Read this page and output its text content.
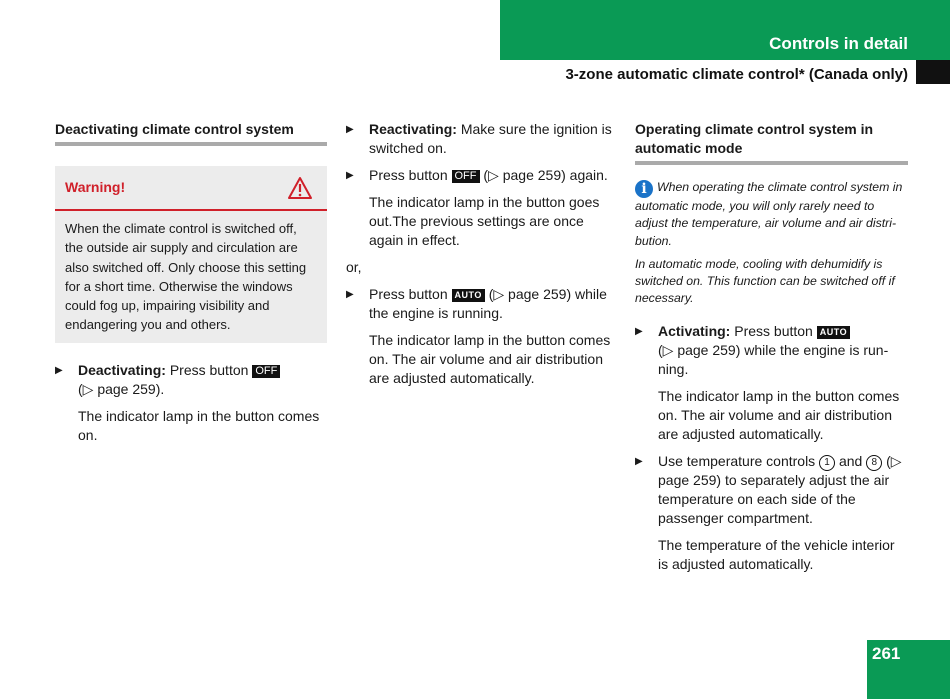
Controls in detail
3-zone automatic climate control* (Canada only)
Deactivating climate control system
Warning!
When the climate control is switched off, the outside air supply and circulation are also switched off. Only choose this setting for a short time. Otherwise the windows could fog up, impairing visibility and endangering you and others.
▶	Deactivating: Press button OFF
(▷ page 259).
The indicator lamp in the button comes on.
▶	Reactivating: Make sure the ignition is switched on.
▶	Press button OFF (▷ page 259) again.
The indicator lamp in the button goes out.The previous settings are once again in effect.
or,
▶	Press button AUTO (▷ page 259) while the engine is running.
The indicator lamp in the button comes on. The air volume and air distribution are adjusted automatically.
Operating climate control system in automatic mode
i When operating the climate control system in automatic mode, you will only rarely need to adjust the temperature, air volume and air distri-bution.
In automatic mode, cooling with dehumidify is switched on. This function can be switched off if necessary.
▶	Activating: Press button AUTO
(▷ page 259) while the engine is run-ning.
The indicator lamp in the button comes on. The air volume and air distribution are adjusted automatically.
▶	Use temperature controls 1 and 8 (▷ page 259) to separately adjust the air temperature on each side of the passenger compartment.
The temperature of the vehicle interior is adjusted automatically.
261
